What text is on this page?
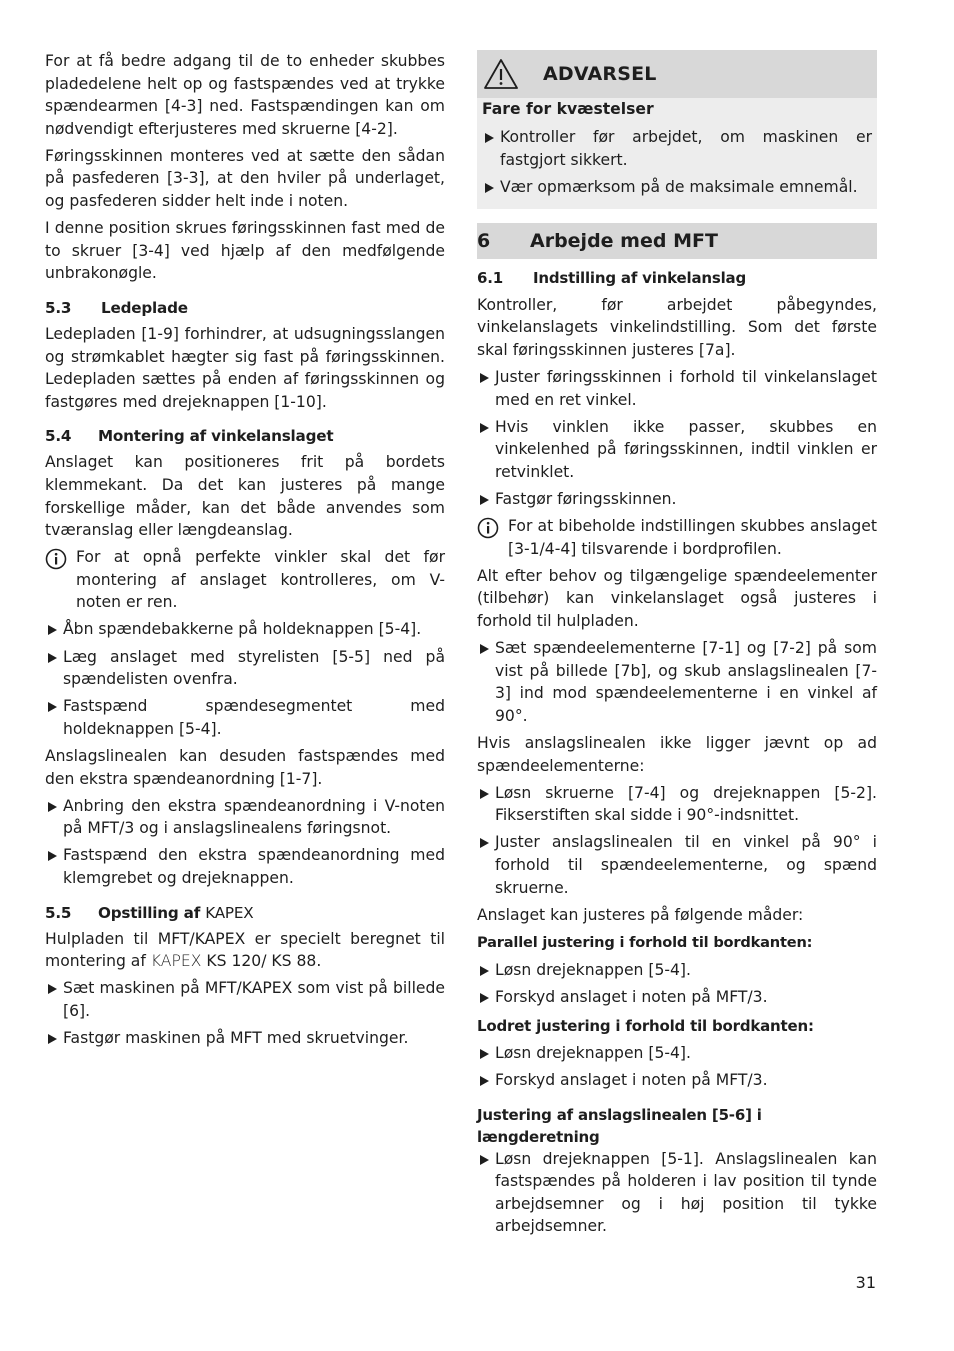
For at få bedre adgang til de to enheder skubbes pladedelene helt op og fastspændes ved at trykke spændearmen [4-3] ned. Fastspændingen kan om nødvendigt efterjusteres med skruerne [4-2].

Føringsskinnen monteres ved at sætte den sådan på pasfederen [3-3], at den hviler på underlaget, og pasfederen sidder helt inde i noten.

I denne position skrues føringsskinnen fast med de to skruer [3-4] ved hjælp af den medfølgende unbrakonøgle.

5.3 Ledeplade

Ledepladen [1-9] forhindrer, at udsugningsslangen og strømkablet hægter sig fast på føringsskinnen. Ledepladen sættes på enden af føringsskinnen og fastgøres med drejeknappen [1-10].

5.4 Montering af vinkelanslaget

Anslaget kan positioneres frit på bordets klemmekant. Da det kan justeres på mange forskellige måder, kan det både anvendes som tværanslag eller længdeanslag.

For at opnå perfekte vinkler skal det før montering af anslaget kontrolleres, om V-noten er ren.
Åbn spændebakkerne på holdeknappen [5-4].
Læg anslaget med styrelisten [5-5] ned på spændelisten ovenfra.
Fastspænd spændesegmentet med holdeknappen [5-4].

Anslagslinealen kan desuden fastspændes med den ekstra spændeanordning [1-7].

Anbring den ekstra spændeanordning i V-noten på MFT/3 og i anslagslinealens føringsnot.
Fastspænd den ekstra spændeanordning med klemgrebet og drejeknappen.
5.5 Opstilling af KAPEX

Hulpladen til MFT/KAPEX er specielt beregnet til montering af KAPEX KS 120/ KS 88.

Sæt maskinen på MFT/KAPEX som vist på billede [6].
Fastgør maskinen på MFT med skruetvinger.
ADVARSEL
Fare for kvæstelser
Kontroller før arbejdet, om maskinen er fastgjort sikkert.
Vær opmærksom på de maksimale emnemål.
6	Arbejde med MFT
6.1 Indstilling af vinkelanslag

Kontroller, før arbejdet påbegyndes, vinkelanslagets vinkelindstilling. Som det første skal føringsskinnen justeres [7a].

Juster føringsskinnen i forhold til vinkelanslaget med en ret vinkel.
Hvis vinklen ikke passer, skubbes en vinkelenhed på føringsskinnen, indtil vinklen er retvinklet.
Fastgør føringsskinnen.
For at bibeholde indstillingen skubbes anslaget [3-1/4-4] tilsvarende i bordprofilen.

Alt efter behov og tilgængelige spændeelementer (tilbehør) kan vinkelanslaget også justeres i forhold til hulpladen.

Sæt spændeelementerne [7-1] og [7-2] på som vist på billede [7b], og skub anslagslinealen [7-3] ind mod spændeelementerne i en vinkel af 90°.

Hvis anslagslinealen ikke ligger jævnt op ad spændeelementerne:

Løsn skruerne [7-4] og drejeknappen [5-2]. Fikserstiften skal sidde i 90°-indsnittet.
Juster anslagslinealen til en vinkel på 90° i forhold til spændeelementerne, og spænd skruerne.

Anslaget kan justeres på følgende måder:

Parallel justering i forhold til bordkanten:
Løsn drejeknappen [5-4].
Forskyd anslaget i noten på MFT/3.
Lodret justering i forhold til bordkanten:
Løsn drejeknappen [5-4].
Forskyd anslaget i noten på MFT/3.
Justering af anslagslinealen [5-6] i længderetning
Løsn drejeknappen [5-1]. Anslagslinealen kan fastspændes på holderen i lav position til tynde arbejdsemner og i høj position til tykke arbejdsemner.
31
